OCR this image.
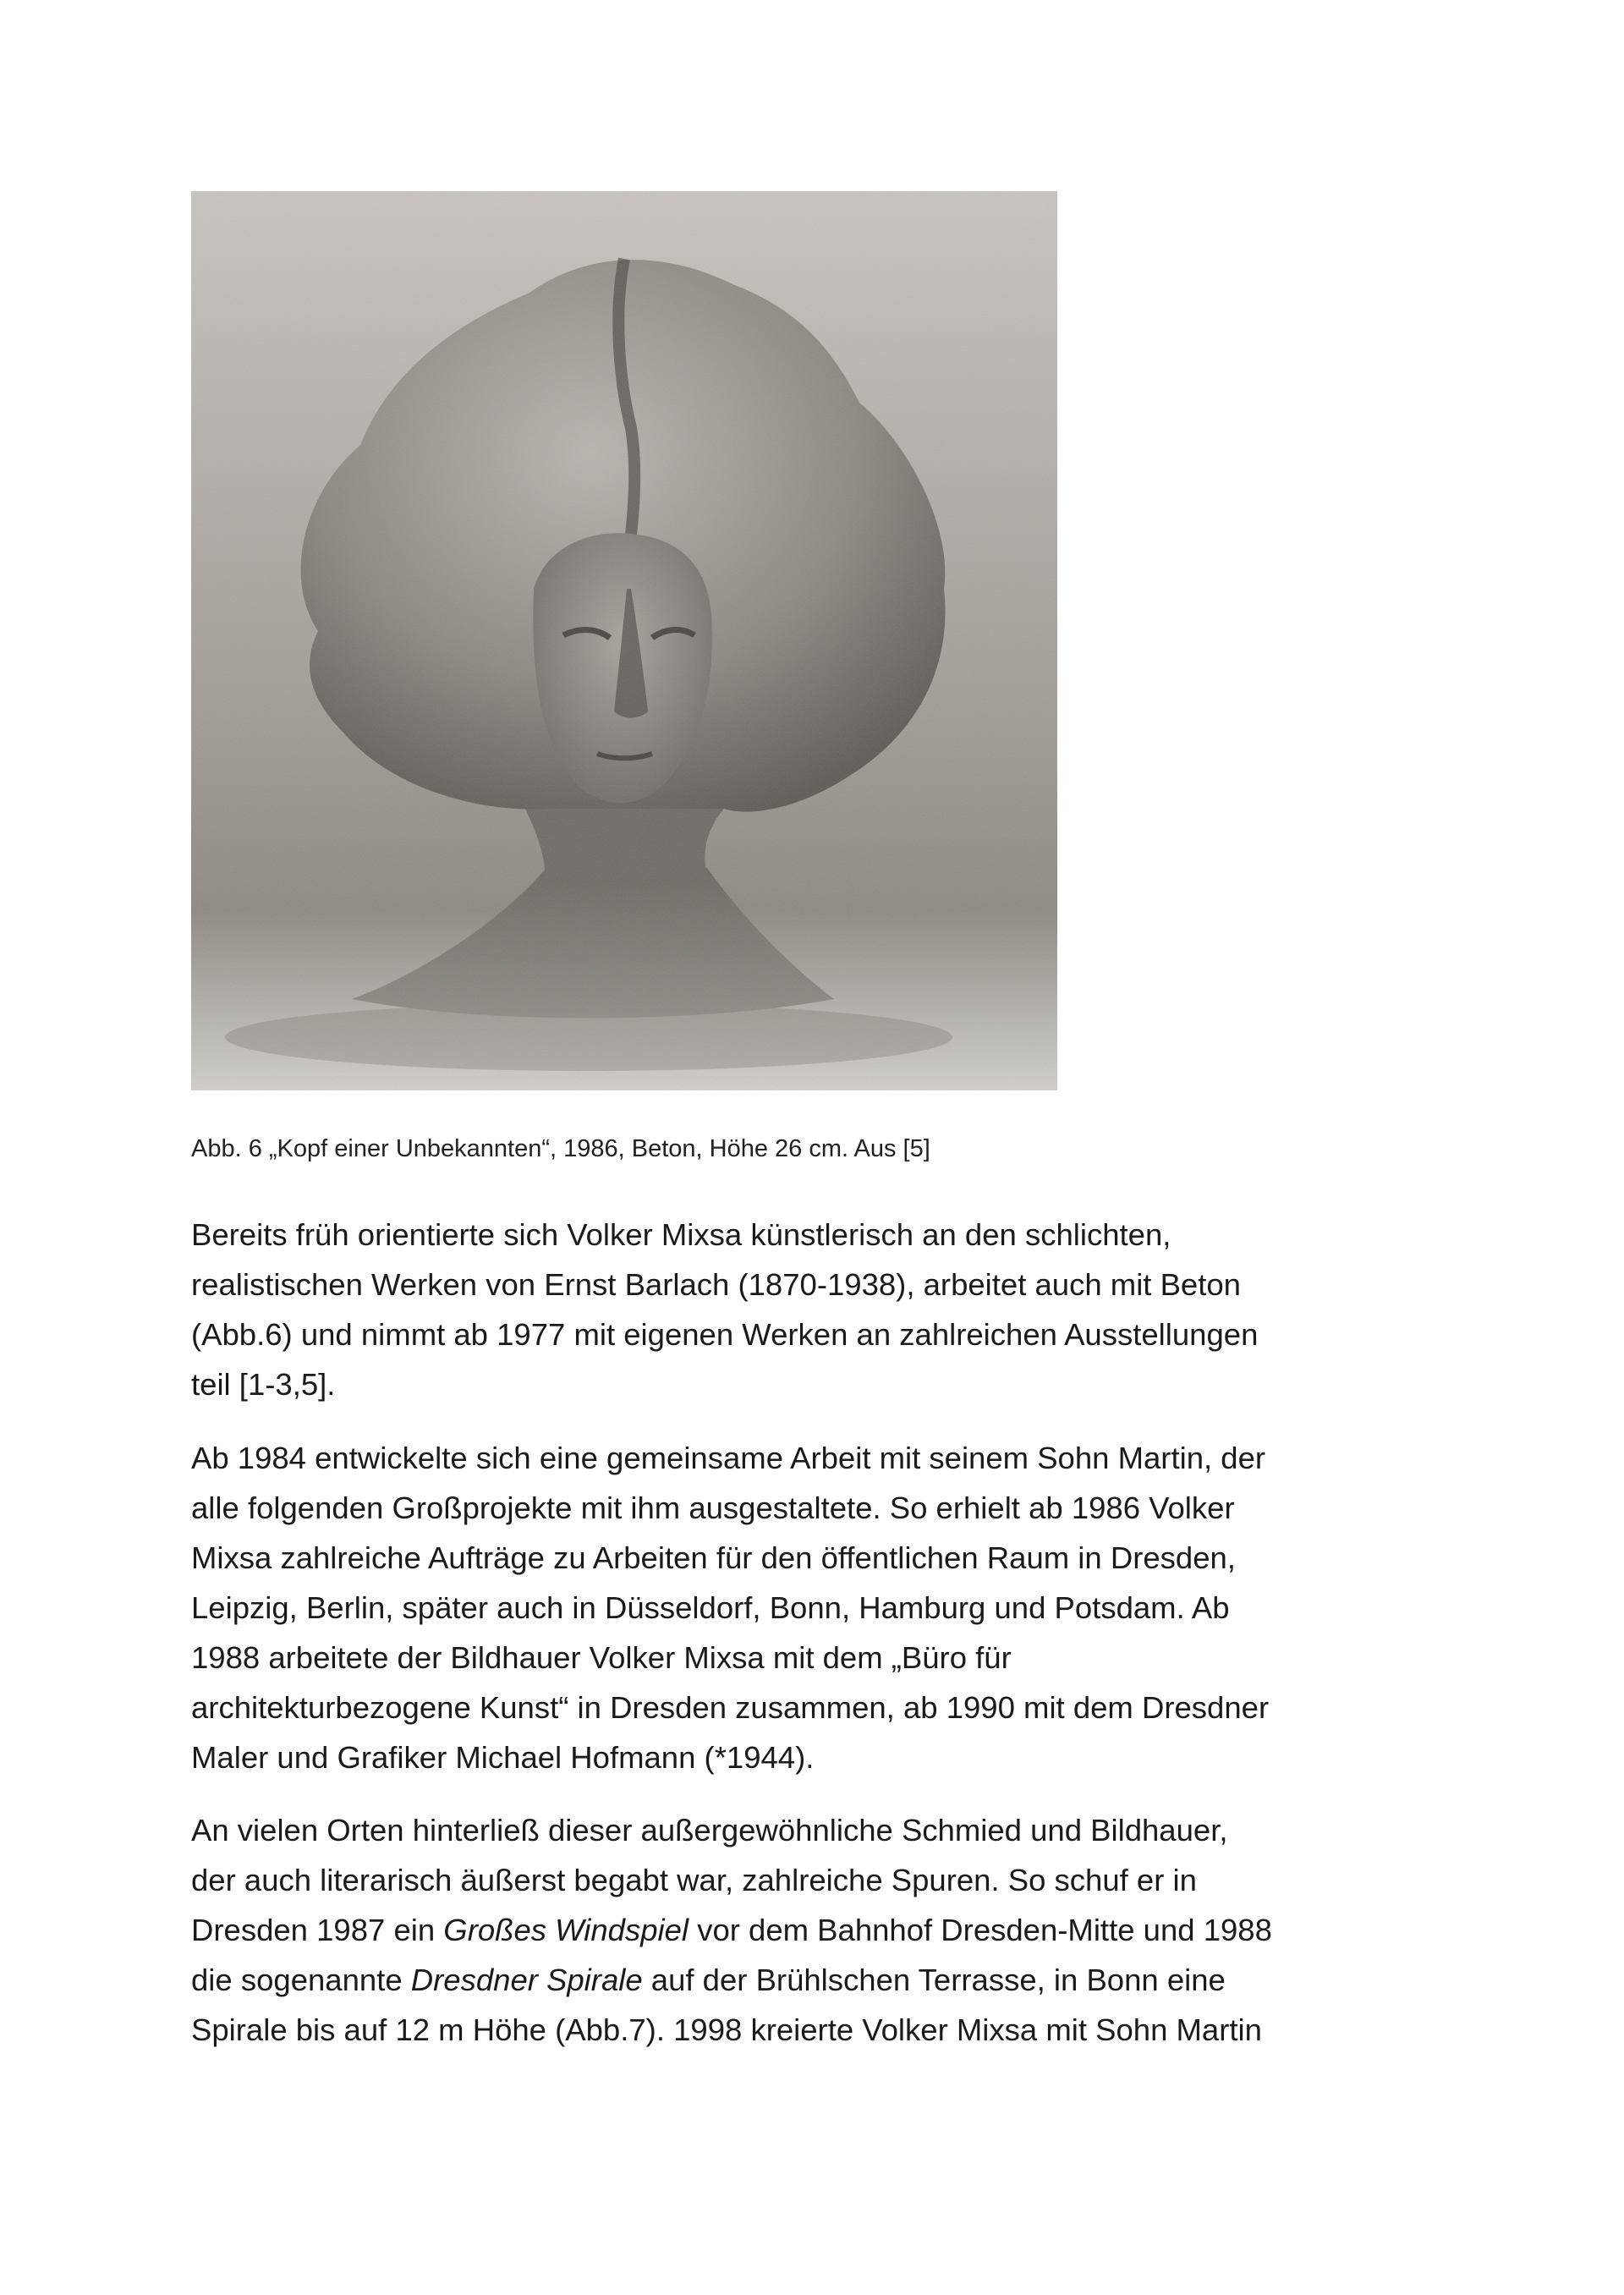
Abb. 6 „Kopf einer Unbekannten“, 1986, Beton, Höhe 26 cm. Aus [5]
Bereits früh orientierte sich Volker Mixsa künstlerisch an den schlichten,
realistischen Werken von Ernst Barlach (1870-1938), arbeitet auch mit Beton
(Abb.6) und nimmt ab 1977 mit eigenen Werken an zahlreichen Ausstellungen
teil [1-3,5].
Ab 1984 entwickelte sich eine gemeinsame Arbeit mit seinem Sohn Martin, der
alle folgenden Großprojekte mit ihm ausgestaltete. So erhielt ab 1986 Volker
Mixsa zahlreiche Aufträge zu Arbeiten für den öffentlichen Raum in Dresden,
Leipzig, Berlin, später auch in Düsseldorf, Bonn, Hamburg und Potsdam. Ab
1988 arbeitete der Bildhauer Volker Mixsa mit dem „Büro für
architekturbezogene Kunst“ in Dresden zusammen, ab 1990 mit dem Dresdner
Maler und Grafiker Michael Hofmann (*1944).
An vielen Orten hinterließ dieser außergewöhnliche Schmied und Bildhauer,
der auch literarisch äußerst begabt war, zahlreiche Spuren. So schuf er in
Dresden 1987 ein Großes Windspiel vor dem Bahnhof Dresden-Mitte und 1988
die sogenannte Dresdner Spirale auf der Brühlschen Terrasse, in Bonn eine
Spirale bis auf 12 m Höhe (Abb.7). 1998 kreierte Volker Mixsa mit Sohn Martin
